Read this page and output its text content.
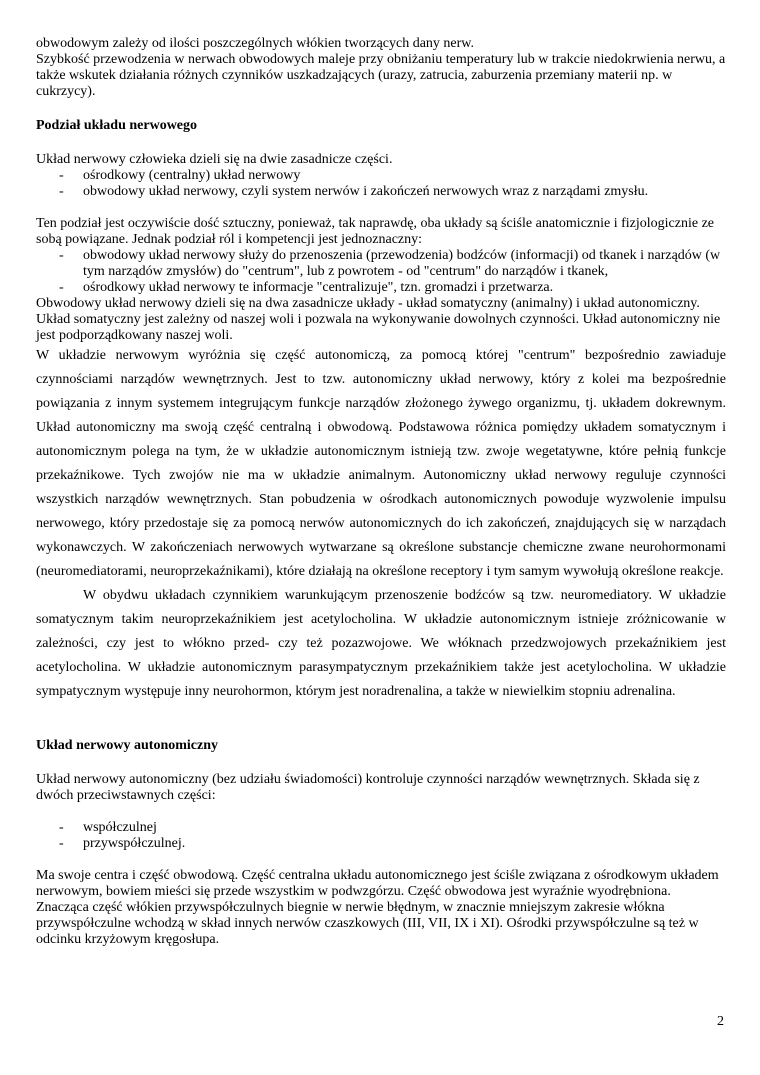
obwodowym zależy od ilości poszczególnych włókien tworzących dany nerw.

Szybkość przewodzenia w nerwach obwodowych maleje przy obniżaniu temperatury lub w trakcie niedokrwienia nerwu, a także wskutek działania różnych czynników uszkadzających (urazy, zatrucia, zaburzenia przemiany materii np. w cukrzycy).

Podział układu nerwowego

Układ nerwowy człowieka dzieli się na dwie zasadnicze części.

- ośrodkowy (centralny) układ nerwowy
- obwodowy układ nerwowy, czyli system nerwów i zakończeń nerwowych wraz z narządami zmysłu.

Ten podział jest oczywiście dość sztuczny, ponieważ, tak naprawdę, oba układy są ściśle anatomicznie i fizjologicznie ze sobą powiązane. Jednak podział ról i kompetencji jest jednoznaczny:

- obwodowy układ nerwowy służy do przenoszenia (przewodzenia) bodźców (informacji) od tkanek i narządów (w tym narządów zmysłów) do "centrum", lub z powrotem - od "centrum" do narządów i tkanek,
- ośrodkowy układ nerwowy te informacje "centralizuje", tzn. gromadzi i przetwarza.

Obwodowy układ nerwowy dzieli się na dwa zasadnicze układy - układ somatyczny (animalny) i układ autonomiczny.

Układ somatyczny jest zależny od naszej woli i pozwala na wykonywanie dowolnych czynności. Układ autonomiczny nie jest podporządkowany naszej woli.

W układzie nerwowym wyróżnia się część autonomiczą, za pomocą której "centrum" bezpośrednio zawiaduje czynnościami narządów wewnętrznych. Jest to tzw. autonomiczny układ nerwowy, który z kolei ma bezpośrednie powiązania z innym systemem integrującym funkcje narządów złożonego żywego organizmu, tj. układem dokrewnym. Układ autonomiczny ma swoją część centralną i obwodową. Podstawowa różnica pomiędzy układem somatycznym i autonomicznym polega na tym, że w układzie autonomicznym istnieją tzw. zwoje wegetatywne, które pełnią funkcje przekaźnikowe. Tych zwojów nie ma w układzie animalnym. Autonomiczny układ nerwowy reguluje czynności wszystkich narządów wewnętrznych. Stan pobudzenia w ośrodkach autonomicznych powoduje wyzwolenie impulsu nerwowego, który przedostaje się za pomocą nerwów autonomicznych do ich zakończeń, znajdujących się w narządach wykonawczych. W zakończeniach nerwowych wytwarzane są określone substancje chemiczne zwane neurohormonami (neuromediatorami, neuroprzekaźnikami), które działają na określone receptory i tym samym wywołują określone reakcje.

W obydwu układach czynnikiem warunkującym przenoszenie bodźców są tzw. neuromediatory. W układzie somatycznym takim neuroprzekaźnikiem jest acetylocholina. W układzie autonomicznym istnieje zróżnicowanie w zależności, czy jest to włókno przed- czy też pozazwojowe. We włóknach przedzwojowych przekaźnikiem jest acetylocholina. W układzie autonomicznym parasympatycznym przekaźnikiem także jest acetylocholina. W układzie sympatycznym występuje inny neurohormon, którym jest noradrenalina, a także w niewielkim stopniu adrenalina.

Układ nerwowy autonomiczny

Układ nerwowy autonomiczny (bez udziału świadomości) kontroluje czynności narządów wewnętrznych. Składa się z dwóch przeciwstawnych części:

- współczulnej
- przywspółczulnej.

Ma swoje centra i część obwodową. Część centralna układu autonomicznego jest ściśle związana z ośrodkowym układem nerwowym, bowiem mieści się przede wszystkim w podwzgórzu. Część obwodowa jest wyraźnie wyodrębniona.

Znacząca część włókien przywspółczulnych biegnie w nerwie błędnym, w znacznie mniejszym zakresie włókna przywspółczulne wchodzą w skład innych nerwów czaszkowych (III, VII, IX i XI). Ośrodki przywspółczulne są też w odcinku krzyżowym kręgosłupa.

2
